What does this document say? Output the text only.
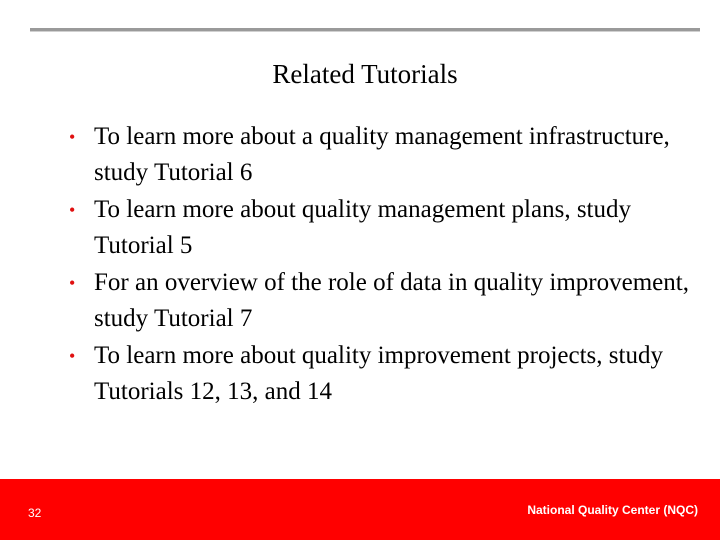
Related Tutorials
• To learn more about a quality management infrastructure, study Tutorial 6
• To learn more about quality management plans, study Tutorial 5
• For an overview of the role of data in quality improvement, study Tutorial 7
• To learn more about quality improvement projects, study Tutorials 12, 13, and 14
32	National Quality Center (NQC)
